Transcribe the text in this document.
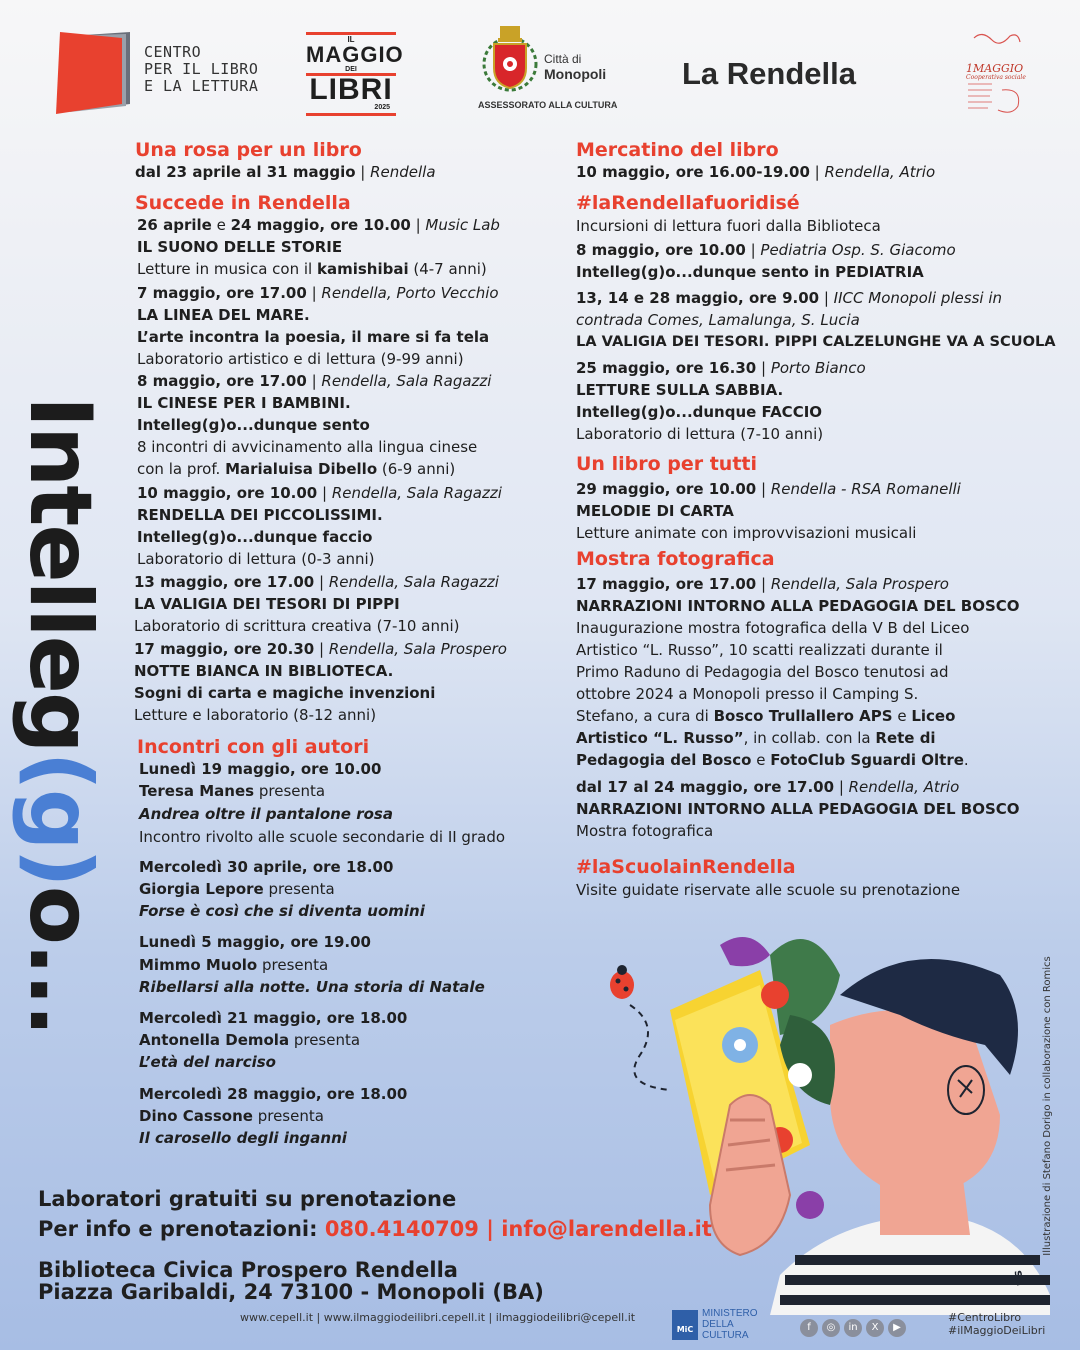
CENTRO
PER IL LIBRO
E LA LETTURA
IL
MAGGIO
DEI
LIBRI
2025
Città di
Monopoli
ASSESSORATO ALLA CULTURA
La Rendella	1MAGGIO
Cooperativa sociale
Intelleg(g)o...
Una rosa per un libro
dal 23 aprile al 31 maggio | Rendella
Succede in Rendella
26 aprile e 24 maggio, ore 10.00 | Music Lab
IL SUONO DELLE STORIE
Letture in musica con il kamishibai (4-7 anni)
7 maggio, ore 17.00 | Rendella, Porto Vecchio
LA LINEA DEL MARE.
L’arte incontra la poesia, il mare si fa tela
Laboratorio artistico e di lettura (9-99 anni)
8 maggio, ore 17.00 | Rendella, Sala Ragazzi
IL CINESE PER I BAMBINI.
Intelleg(g)o...dunque sento
8 incontri di avvicinamento alla lingua cinese
con la prof. Marialuisa Dibello (6-9 anni)
10 maggio, ore 10.00 | Rendella, Sala Ragazzi
RENDELLA DEI PICCOLISSIMI.
Intelleg(g)o...dunque faccio
Laboratorio di lettura (0-3 anni)
13 maggio, ore 17.00 | Rendella, Sala Ragazzi
LA VALIGIA DEI TESORI DI PIPPI
Laboratorio di scrittura creativa (7-10 anni)
17 maggio, ore 20.30 | Rendella, Sala Prospero
NOTTE BIANCA IN BIBLIOTECA.
Sogni di carta e magiche invenzioni
Letture e laboratorio (8-12 anni)
Incontri con gli autori
Lunedì 19 maggio, ore 10.00
Teresa Manes presenta
Andrea oltre il pantalone rosa
Incontro rivolto alle scuole secondarie di II grado
Mercoledì 30 aprile, ore 18.00
Giorgia Lepore presenta
Forse è così che si diventa uomini
Lunedì 5 maggio, ore 19.00
Mimmo Muolo presenta
Ribellarsi alla notte. Una storia di Natale
Mercoledì 21 maggio, ore 18.00
Antonella Demola presenta
L’età del narciso
Mercoledì 28 maggio, ore 18.00
Dino Cassone presenta
Il carosello degli inganni
Mercatino del libro
10 maggio, ore 16.00-19.00 | Rendella, Atrio
#laRendellafuoridisé
Incursioni di lettura fuori dalla Biblioteca
8 maggio, ore 10.00 | Pediatria Osp. S. Giacomo
Intelleg(g)o...dunque sento in PEDIATRIA
13, 14 e 28 maggio, ore 9.00 | IICC Monopoli plessi in
contrada Comes, Lamalunga, S. Lucia
LA VALIGIA DEI TESORI. PIPPI CALZELUNGHE VA A SCUOLA
25 maggio, ore 16.30 | Porto Bianco
LETTURE SULLA SABBIA.
Intelleg(g)o...dunque FACCIO
Laboratorio di lettura (7-10 anni)
Un libro per tutti
29 maggio, ore 10.00 | Rendella - RSA Romanelli
MELODIE DI CARTA
Letture animate con improvvisazioni musicali
Mostra fotografica
17 maggio, ore 17.00 | Rendella, Sala Prospero
NARRAZIONI INTORNO ALLA PEDAGOGIA DEL BOSCO
Inaugurazione mostra fotografica della V B del Liceo
Artistico “L. Russo”, 10 scatti realizzati durante il
Primo Raduno di Pedagogia del Bosco tenutosi ad
ottobre 2024 a Monopoli presso il Camping S.
Stefano, a cura di Bosco Trullallero APS e Liceo
Artistico “L. Russo”, in collab. con la Rete di
Pedagogia del Bosco e FotoClub Sguardi Oltre.
dal 17 al 24 maggio, ore 17.00 | Rendella, Atrio
NARRAZIONI INTORNO ALLA PEDAGOGIA DEL BOSCO
Mostra fotografica
#laScuolainRendella
Visite guidate riservate alle scuole su prenotazione
sd
Illustrazione di Stefano Dorigo in collaborazione con Romics
Laboratori gratuiti su prenotazione
Per info e prenotazioni: 080.4140709 | info@larendella.it
Biblioteca Civica Prospero Rendella
Piazza Garibaldi, 24 73100 - Monopoli (BA)
www.cepell.it | www.ilmaggiodeilibri.cepell.it | ilmaggiodeilibri@cepell.it
MiC
MINISTERO
DELLA
CULTURA
f ◎ in X ▶
#CentroLibro
#ilMaggioDeiLibri
